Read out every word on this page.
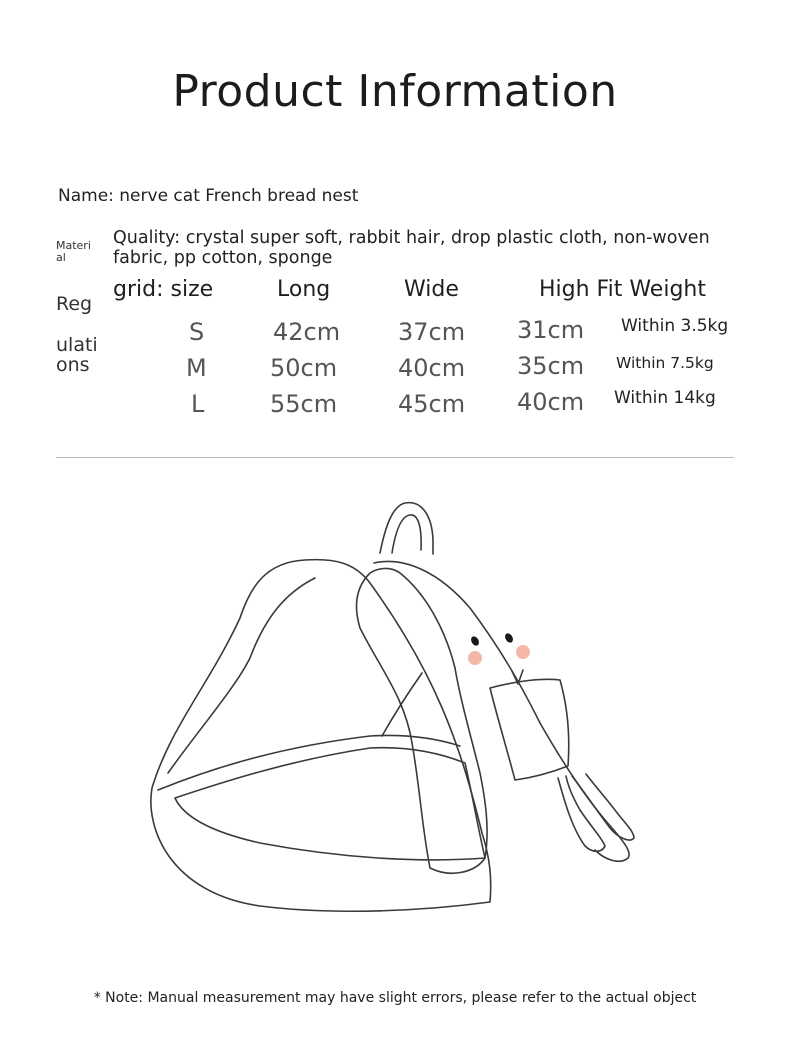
Product Information
Name: nerve cat French bread nest
Materi
al
Quality: crystal super soft, rabbit hair, drop plastic cloth, non-woven fabric, pp cotton, sponge
Reg
ulati
ons
grid: size	Long	Wide	High Fit Weight
S	42cm 37cm 31cm Within 3.5kg
M	50cm	40cm 35cm Within 7.5kg
L	55cm	45cm 40cm Within 14kg
* Note: Manual measurement may have slight errors, please refer to the actual object
